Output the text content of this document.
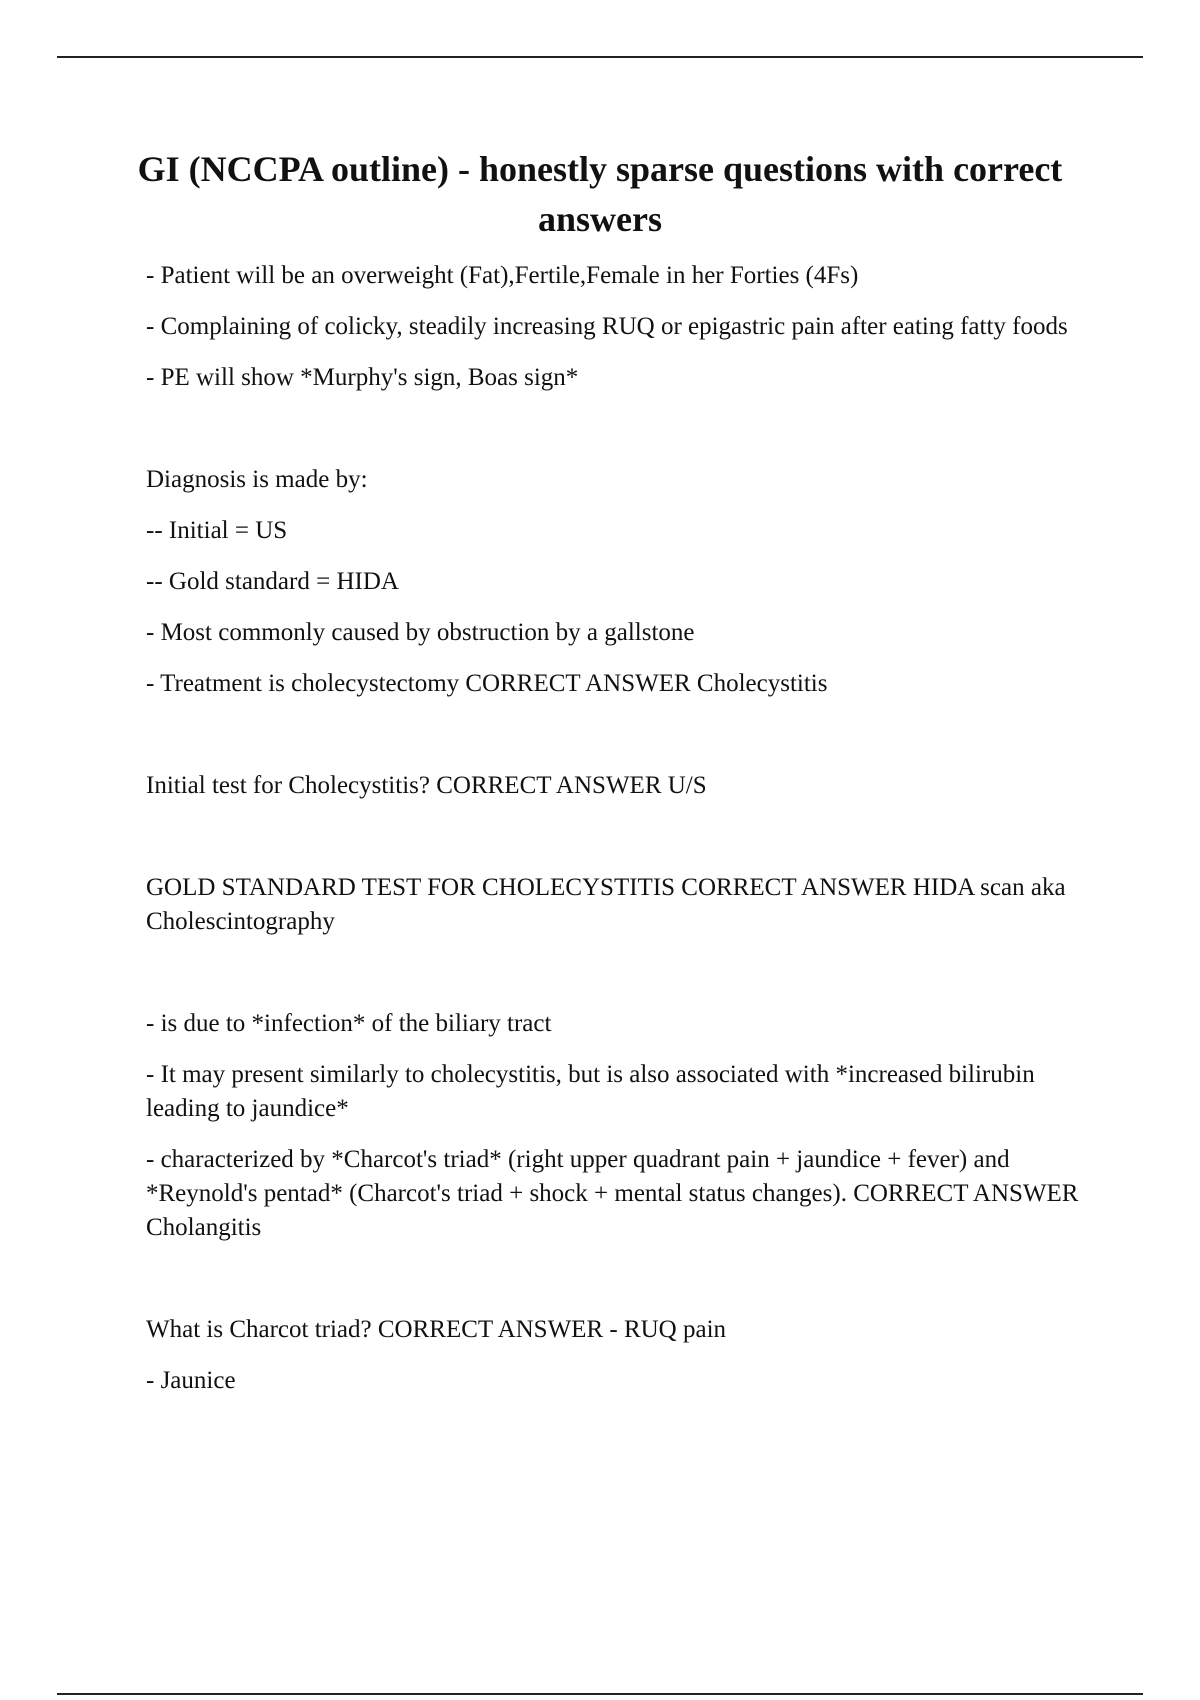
GI (NCCPA outline) - honestly sparse questions with correct answers

- Patient will be an overweight (Fat),Fertile,Female in her Forties (4Fs)

- Complaining of colicky, steadily increasing RUQ or epigastric pain after eating fatty foods

- PE will show *Murphy's sign, Boas sign*

Diagnosis is made by:

-- Initial = US

-- Gold standard = HIDA

- Most commonly caused by obstruction by a gallstone

- Treatment is cholecystectomy CORRECT ANSWER Cholecystitis

Initial test for Cholecystitis? CORRECT ANSWER U/S

GOLD STANDARD TEST FOR CHOLECYSTITIS CORRECT ANSWER HIDA scan aka Cholescintography

- is due to *infection* of the biliary tract

- It may present similarly to cholecystitis, but is also associated with *increased bilirubin leading to jaundice*

- characterized by *Charcot's triad* (right upper quadrant pain + jaundice + fever) and *Reynold's pentad* (Charcot's triad + shock + mental status changes). CORRECT ANSWER Cholangitis

What is Charcot triad? CORRECT ANSWER - RUQ pain

- Jaunice
